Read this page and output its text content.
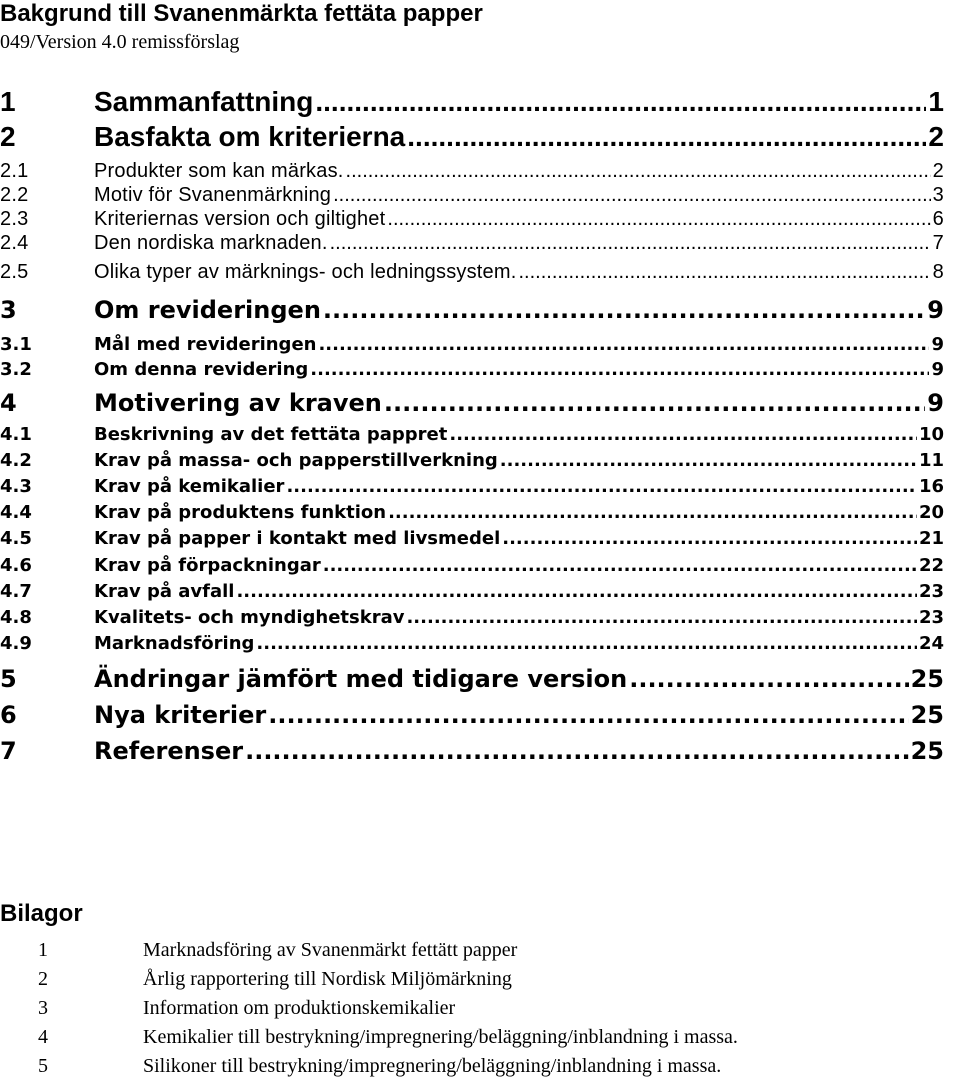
Bakgrund till Svanenmärkta fettäta papper
049/Version 4.0 remissförslag
1	Sammanfattning .....	1
2	Basfakta om kriterierna .....	2
2.1	Produkter som kan märkas. .....	2
2.2	Motiv för Svanenmärkning .....	3
2.3	Kriteriernas version och giltighet .....	6
2.4	Den nordiska marknaden. .....	7
2.5	Olika typer av märknings- och ledningssystem. .....	8
3	Om revideringen .....	9
3.1	Mål med revideringen .....	9
3.2	Om denna revidering .....	9
4	Motivering av kraven .....	9
4.1	Beskrivning av det fettäta pappret .....	10
4.2	Krav på massa- och papperstillverkning .....	11
4.3	Krav på kemikalier .....	16
4.4	Krav på produktens funktion .....	20
4.5	Krav på papper i kontakt med livsmedel .....	21
4.6	Krav på förpackningar .....	22
4.7	Krav på avfall .....	23
4.8	Kvalitets- och myndighetskrav .....	23
4.9	Marknadsföring .....	24
5	Ändringar jämfört med tidigare version .....	25
6	Nya kriterier .....	25
7	Referenser .....	25
Bilagor
1	Marknadsföring av Svanenmärkt fettätt papper
2	Årlig rapportering till Nordisk Miljömärkning
3	Information om produktionskemikalier
4	Kemikalier till bestrykning/impregnering/beläggning/inblandning i massa.
5	Silikoner till bestrykning/impregnering/beläggning/inblandning i massa.
